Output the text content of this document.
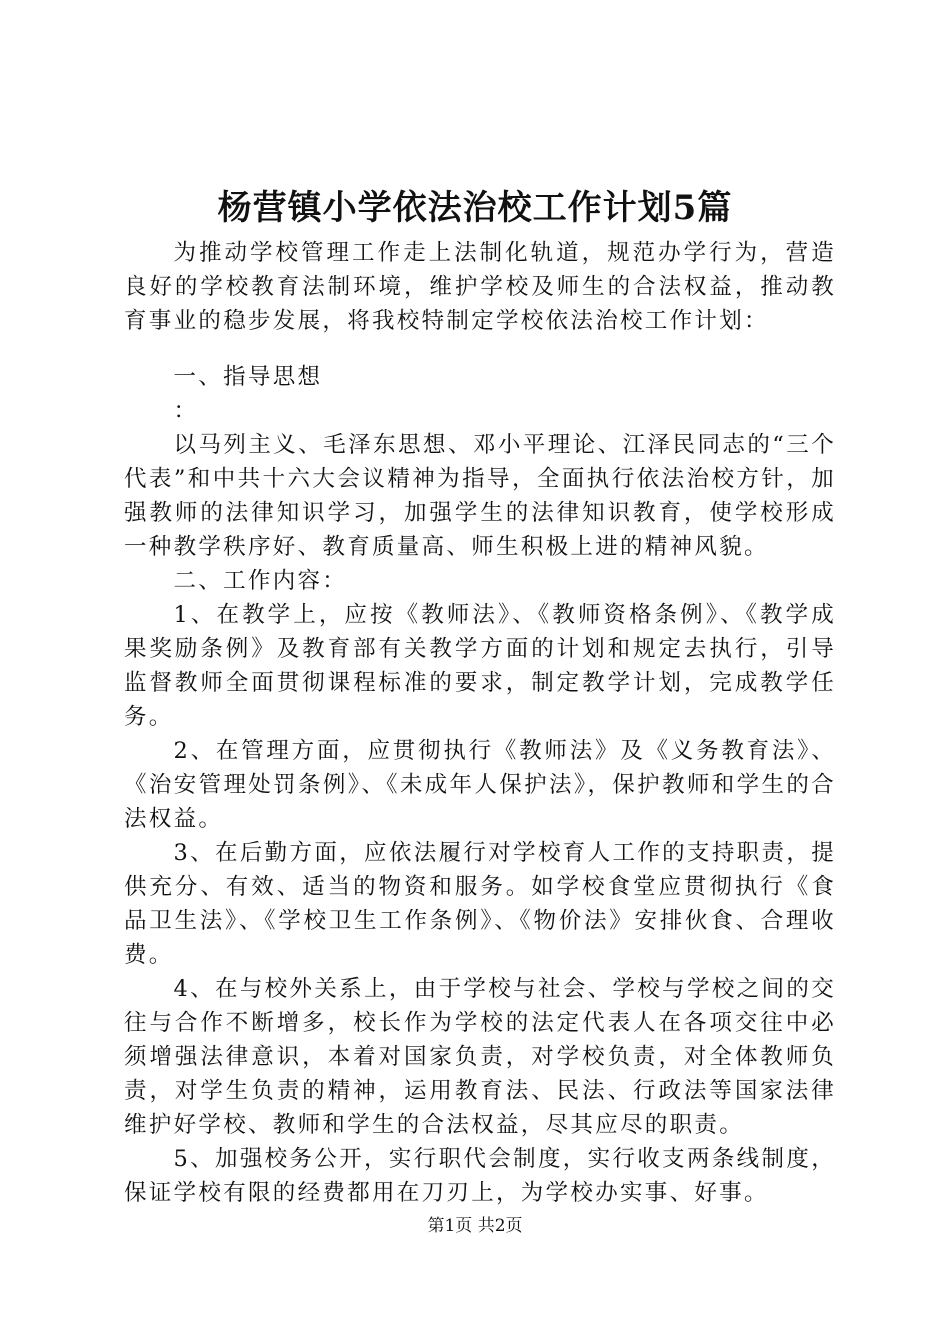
杨营镇小学依法治校工作计划5篇

为推动学校管理工作走上法制化轨道，规范办学行为，营造良好的学校教育法制环境，维护学校及师生的合法权益，推动教育事业的稳步发展，将我校特制定学校依法治校工作计划：

一、指导思想

：

以马列主义、毛泽东思想、邓小平理论、江泽民同志的“三个代表”和中共十六大会议精神为指导，全面执行依法治校方针，加强教师的法律知识学习，加强学生的法律知识教育，使学校形成一种教学秩序好、教育质量高、师生积极上进的精神风貌。

二、工作内容：

1、在教学上，应按《教师法》、《教师资格条例》、《教学成果奖励条例》及教育部有关教学方面的计划和规定去执行，引导监督教师全面贯彻课程标准的要求，制定教学计划，完成教学任务。

2、在管理方面，应贯彻执行《教师法》及《义务教育法》、《治安管理处罚条例》、《未成年人保护法》，保护教师和学生的合法权益。

3、在后勤方面，应依法履行对学校育人工作的支持职责，提供充分、有效、适当的物资和服务。如学校食堂应贯彻执行《食品卫生法》、《学校卫生工作条例》、《物价法》安排伙食、合理收费。

4、在与校外关系上，由于学校与社会、学校与学校之间的交往与合作不断增多，校长作为学校的法定代表人在各项交往中必须增强法律意识，本着对国家负责，对学校负责，对全体教师负责，对学生负责的精神，运用教育法、民法、行政法等国家法律维护好学校、教师和学生的合法权益，尽其应尽的职责。

5、加强校务公开，实行职代会制度，实行收支两条线制度，保证学校有限的经费都用在刀刃上，为学校办实事、好事。

第1页 共2页
